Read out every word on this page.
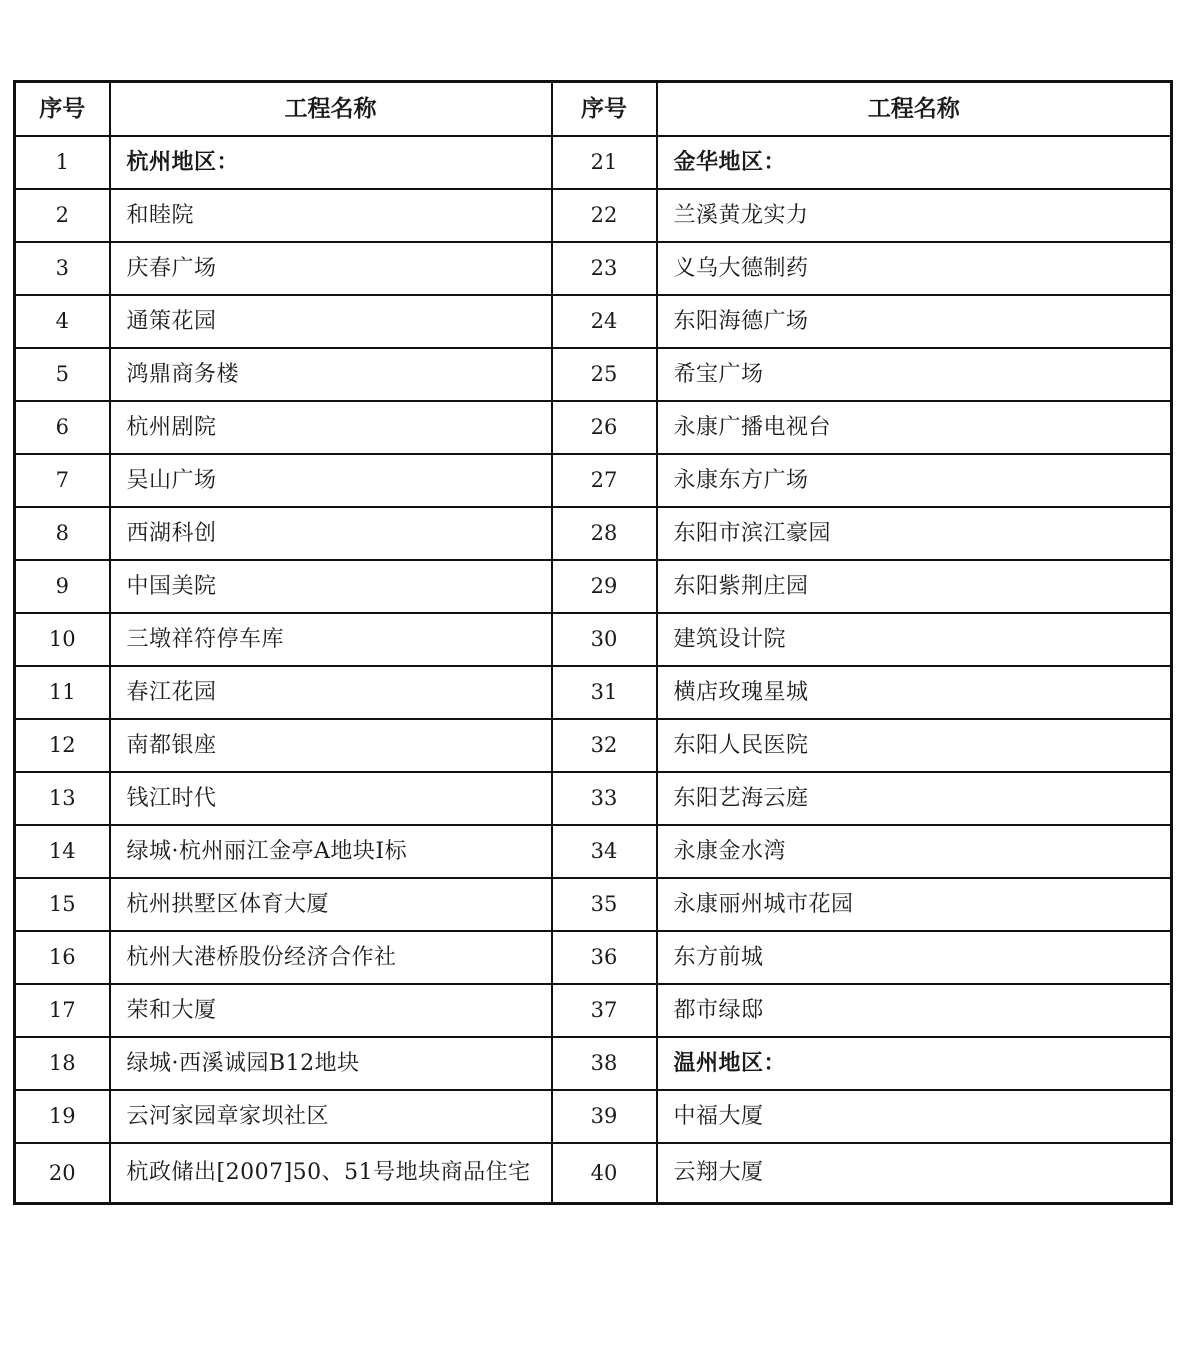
序号	工程名称	序号	工程名称
1	杭州地区：	21	金华地区：
2	和睦院	22	兰溪黄龙实力
3	庆春广场	23	义乌大德制药
4	通策花园	24	东阳海德广场
5	鸿鼎商务楼	25	希宝广场
6	杭州剧院	26	永康广播电视台
7	吴山广场	27	永康东方广场
8	西湖科创	28	东阳市滨江豪园
9	中国美院	29	东阳紫荆庄园
10	三墩祥符停车库	30	建筑设计院
11	春江花园	31	横店玫瑰星城
12	南都银座	32	东阳人民医院
13	钱江时代	33	东阳艺海云庭
14	绿城·杭州丽江金亭A地块I标	34	永康金水湾
15	杭州拱墅区体育大厦	35	永康丽州城市花园
16	杭州大港桥股份经济合作社	36	东方前城
17	荣和大厦	37	都市绿邸
18	绿城·西溪诚园B12地块	38	温州地区：
19	云河家园章家坝社区	39	中福大厦
20	杭政储出[2007]50、51号地块商品住宅	40	云翔大厦
